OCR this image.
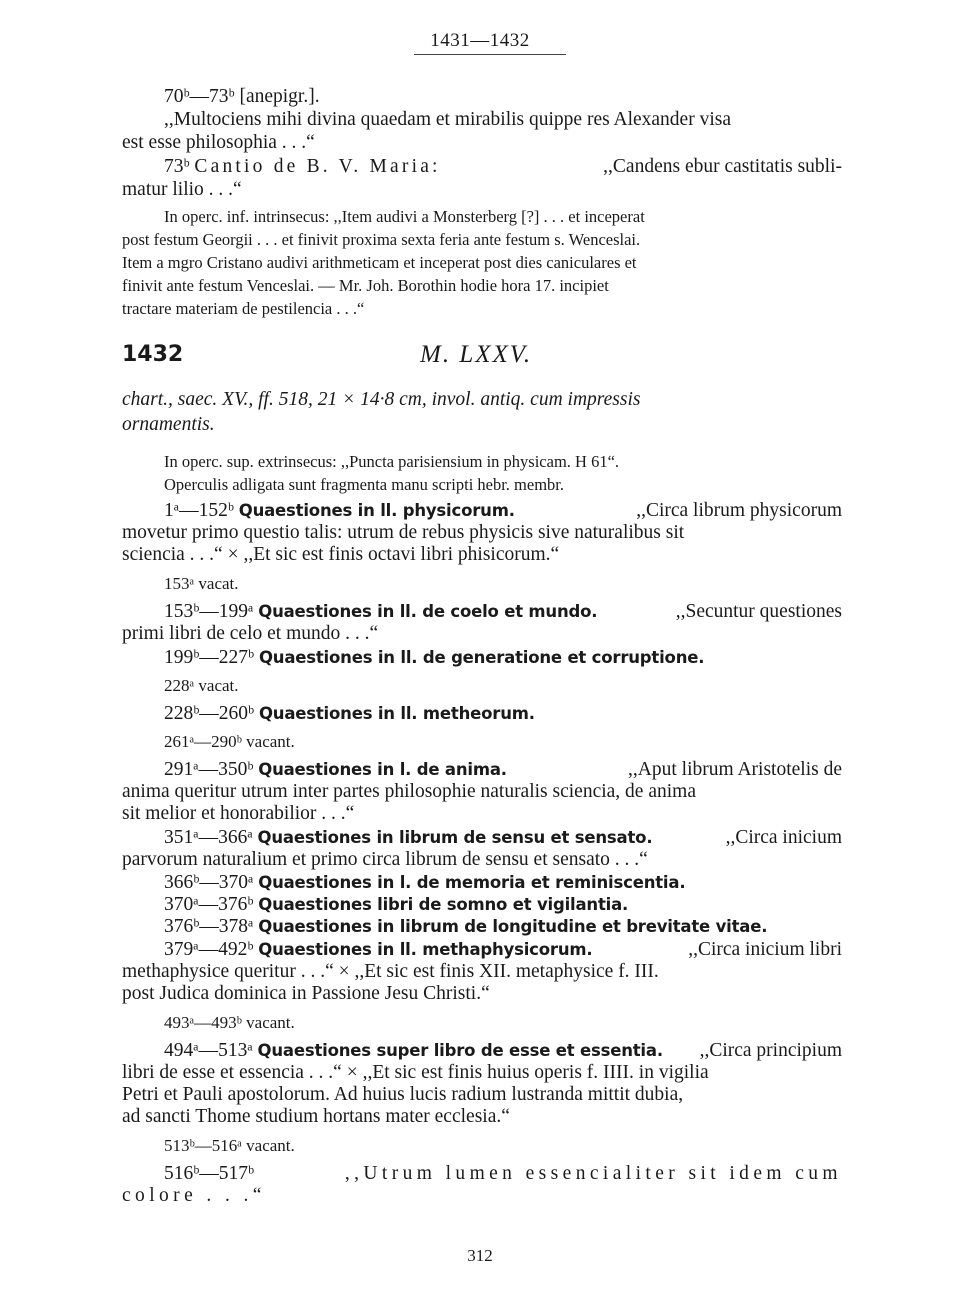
1431—1432
70ᵇ—73ᵇ [anepigr.].
,,Multociens mihi divina quaedam et mirabilis quippe res Alexander visa
est esse philosophia . . .“
73ᵇ Cantio de B. V. Maria:	,,Candens ebur castitatis subli-
matur lilio . . .“
In operc. inf. intrinsecus: ,,Item audivi a Monsterberg [?] . . . et inceperat
post festum Georgii . . . et finivit proxima sexta feria ante festum s. Wenceslai.
Item a mgro Cristano audivi arithmeticam et inceperat post dies caniculares et
finivit ante festum Venceslai. — Mr. Joh. Borothin hodie hora 17. incipiet
tractare materiam de pestilencia . . .“
1432	M. LXXV.
chart., saec. XV., ff. 518, 21 × 14·8 cm, invol. antiq. cum impressis
ornamentis.
In operc. sup. extrinsecus: ,,Puncta parisiensium in physicam. H 61“.
Operculis adligata sunt fragmenta manu scripti hebr. membr.
1ᵃ—152ᵇ Quaestiones in ll. physicorum.	,,Circa librum physicorum
movetur primo questio talis: utrum de rebus physicis sive naturalibus sit
sciencia . . .“ × ,,Et sic est finis octavi libri phisicorum.“
153ᵃ vacat.
153ᵇ—199ᵃ Quaestiones in ll. de coelo et mundo.	,,Secuntur questiones
primi libri de celo et mundo . . .“
199ᵇ—227ᵇ Quaestiones in ll. de generatione et corruptione.
228ᵃ vacat.
228ᵇ—260ᵇ Quaestiones in ll. metheorum.
261ᵃ—290ᵇ vacant.
291ᵃ—350ᵇ Quaestiones in l. de anima.	,,Aput librum Aristotelis de
anima queritur utrum inter partes philosophie naturalis sciencia, de anima
sit melior et honorabilior . . .“
351ᵃ—366ᵃ Quaestiones in librum de sensu et sensato.	,,Circa inicium
parvorum naturalium et primo circa librum de sensu et sensato . . .“
366ᵇ—370ᵃ Quaestiones in l. de memoria et reminiscentia.
370ᵃ—376ᵇ Quaestiones libri de somno et vigilantia.
376ᵇ—378ᵃ Quaestiones in librum de longitudine et brevitate vitae.
379ᵃ—492ᵇ Quaestiones in ll. methaphysicorum.	,,Circa inicium libri
methaphysice queritur . . .“ × ,,Et sic est finis XII. metaphysice f. III.
post Judica dominica in Passione Jesu Christi.“
493ᵃ—493ᵇ vacant.
494ᵃ—513ᵃ Quaestiones super libro de esse et essentia. ,,Circa principium
libri de esse et essencia . . .“ × ,,Et sic est finis huius operis f. IIII. in vigilia
Petri et Pauli apostolorum. Ad huius lucis radium lustranda mittit dubia,
ad sancti Thome studium hortans mater ecclesia.“
513ᵇ—516ᵃ vacant.
516ᵇ—517ᵇ	,,Utrum lumen essencialiter sit idem cum
colore . . .“
312
